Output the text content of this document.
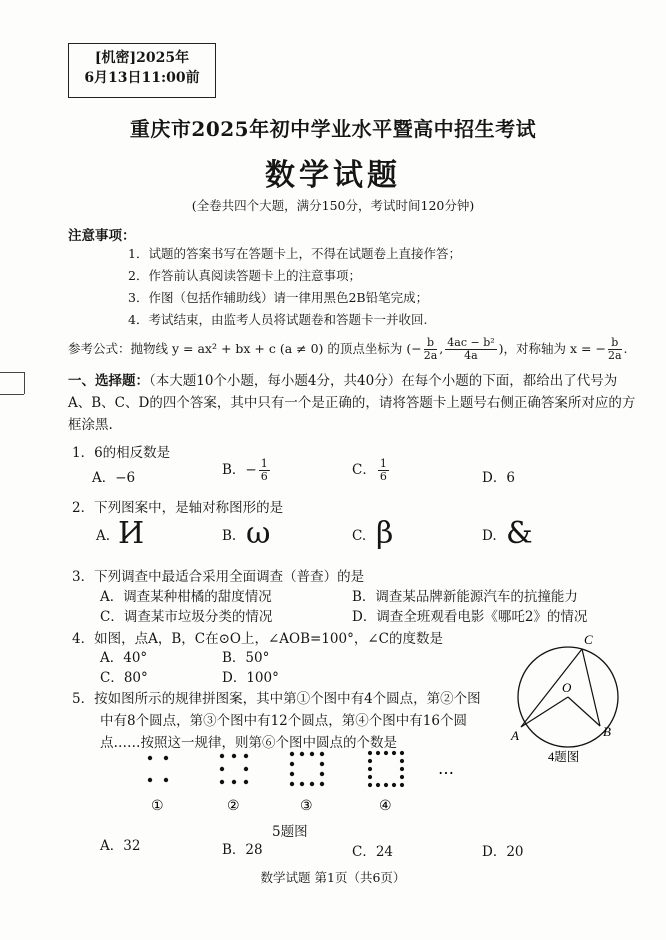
[机密]2025年
6月13日11:00前
重庆市2025年初中学业水平暨高中招生考试
数学试题
(全卷共四个大题，满分150分，考试时间120分钟)
注意事项：
1．试题的答案书写在答题卡上，不得在试题卷上直接作答；
2．作答前认真阅读答题卡上的注意事项；
3．作图（包括作辅助线）请一律用黑色2B铅笔完成；
4．考试结束，由监考人员将试题卷和答题卡一并收回.
参考公式：抛物线 y = ax² + bx + c (a ≠ 0) 的顶点坐标为 (− $\frac{b}{2a}$ , $\frac{\text{4ac − b²}}{4a}$ )，对称轴为 x = − $\frac{b}{2a}$ .
一、选择题：（本大题10个小题，每小题4分，共40分）在每个小题的下面，都给出了代号为A、B、C、D的四个答案，其中只有一个是正确的，请将答题卡上题号右侧正确答案所对应的方框涂黑.
1．6的相反数是
A．−6	B．− $\frac{1}{6}$	C． $\frac{1}{6}$	D．6
2．下列图案中，是轴对称图形的是
A. И	B. ω	C. β	D. &
3．下列调查中最适合采用全面调查（普查）的是
A．调查某种柑橘的甜度情况	B．调查某品牌新能源汽车的抗撞能力
C．调查某市垃圾分类的情况	D．调查全班观看电影《哪吒2》的情况
4．如图，点A，B，C在⊙O上，∠AOB=100°，∠C的度数是
A．40°	B．50°
C．80°	D．100°
O
A	B
C
4题图
5．按如图所示的规律拼图案，其中第①个图中有4个圆点，第②个图
中有8个圆点，第③个图中有12个圆点，第④个图中有16个圆
点……按照这一规律，则第⑥个图中圆点的个数是
…
①	②	③	④
5题图
A．32	B．28	C．24	D．20
数学试题 第1页（共6页）
